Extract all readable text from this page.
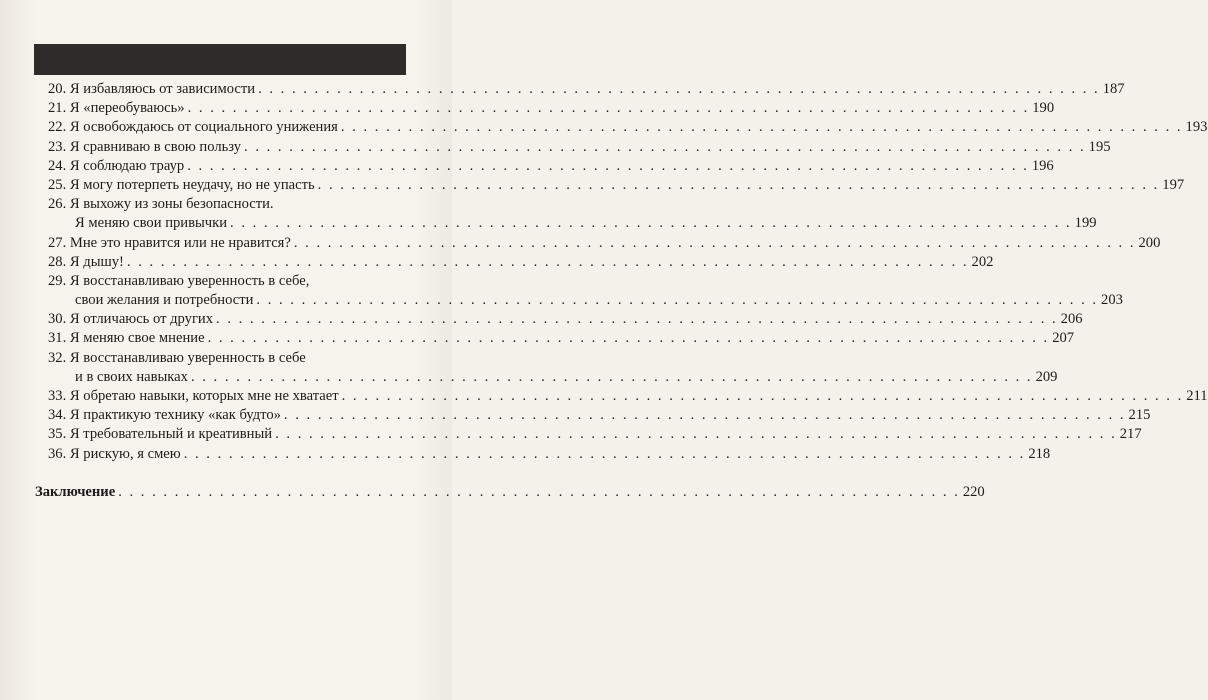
20. Я избавляюсь от зависимости . . .	187
21. Я «переобуваюсь» . . .	190
22. Я освобождаюсь от социального унижения . . .	193
23. Я сравниваю в свою пользу . . .	195
24. Я соблюдаю траур . . .	196
25. Я могу потерпеть неудачу, но не упасть . . .	197
26. Я выхожу из зоны безопасности.
Я меняю свои привычки . . .	199
27. Мне это нравится или не нравится? . . .	200
28. Я дышу! . . .	202
29. Я восстанавливаю уверенность в себе,
свои желания и потребности . . .	203
30. Я отличаюсь от других . . .	206
31. Я меняю свое мнение . . .	207
32. Я восстанавливаю уверенность в себе
и в своих навыках . . .	209
33. Я обретаю навыки, которых мне не хватает . . .	211
34. Я практикую технику «как будто» . . .	215
35. Я требовательный и креативный . . .	217
36. Я рискую, я смею . . .	218
Заключение . . .	220
